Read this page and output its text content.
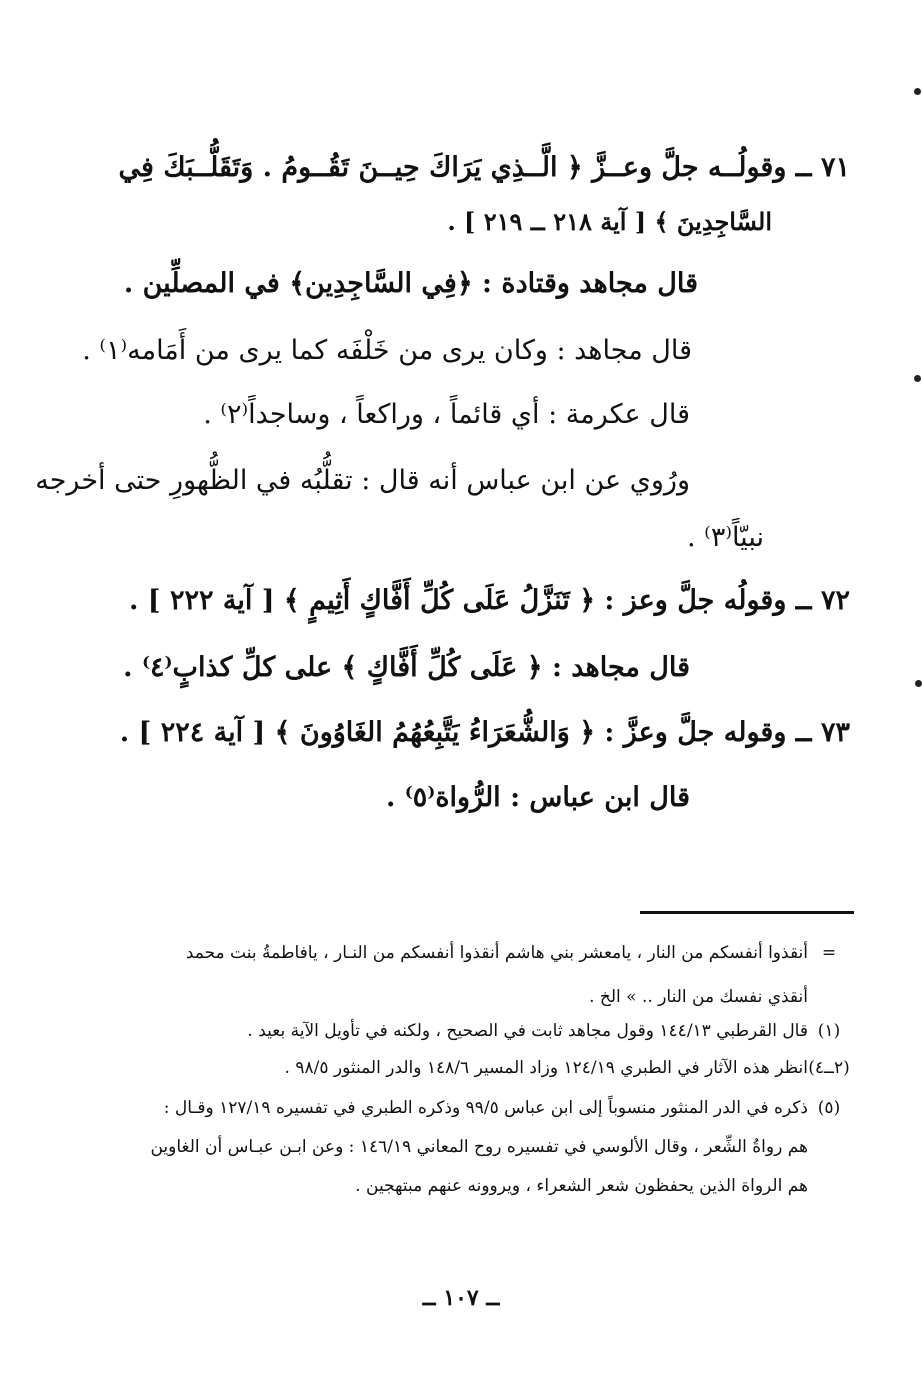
٧١ ــ وقولُــه جلَّ وعــزَّ ﴿ الَّــذِي يَرَاكَ حِيــنَ تَقُــومُ . وَتَقَلُّــبَكَ فِي
السَّاجِدِينَ ﴾ [ آية ٢١٨ ــ ٢١٩ ] .
قال مجاهد وقتادة : ﴿فِي السَّاجِدِين﴾ في المصلِّين .
قال مجاهد : وكان يرى من خَلْفَه كما يرى من أَمَامه⁽١⁾ .
قال عكرمة : أي قائماً ، وراكعاً ، وساجداً⁽٢⁾ .
ورُوي عن ابن عباس أنه قال : تقلُّبُه في الظُّهورِ حتى أخرجه
نبيّاً⁽٣⁾ .
٧٢ ــ وقولُه جلَّ وعز : ﴿ تَنَزَّلُ عَلَى كُلِّ أَفَّاكٍ أَثِيمٍ ﴾ [ آية ٢٢٢ ] .
قال مجاهد : ﴿ عَلَى كُلِّ أَفَّاكٍ ﴾ على كلِّ كذابٍ⁽٤⁾ .
٧٣ ــ وقوله جلَّ وعزَّ : ﴿ وَالشُّعَرَاءُ يَتَّبِعُهُمُ الغَاوُونَ ﴾ [ آية ٢٢٤ ] .
قال ابن عباس : الرُّواة⁽٥⁾ .
=أنقذوا أنفسكم من النار ، يامعشر بني هاشم أنقذوا أنفسكم من النـار ، يافاطمةُ بنت محمد
أنقذي نفسك من النار .. » الخ .
(١)قال القرطبي ١٤٤/١٣ وقول مجاهد ثابت في الصحيح ، ولكنه في تأويل الآية بعيد .
(٢ــ٤)انظر هذه الآثار في الطبري ١٢٤/١٩ وزاد المسير ١٤٨/٦ والدر المنثور ٩٨/٥ .
(٥)ذكره في الدر المنثور منسوباً إلى ابن عباس ٩٩/٥ وذكره الطبري في تفسيره ١٢٧/١٩ وقـال :
هم رواةُ الشِّعر ، وقال الألوسي في تفسيره روح المعاني ١٤٦/١٩ : وعن ابـن عبـاس أن الغاوين
هم الرواة الذين يحفظون شعر الشعراء ، ويروونه عنهم مبتهجين .
ــ ١٠٧ ــ
